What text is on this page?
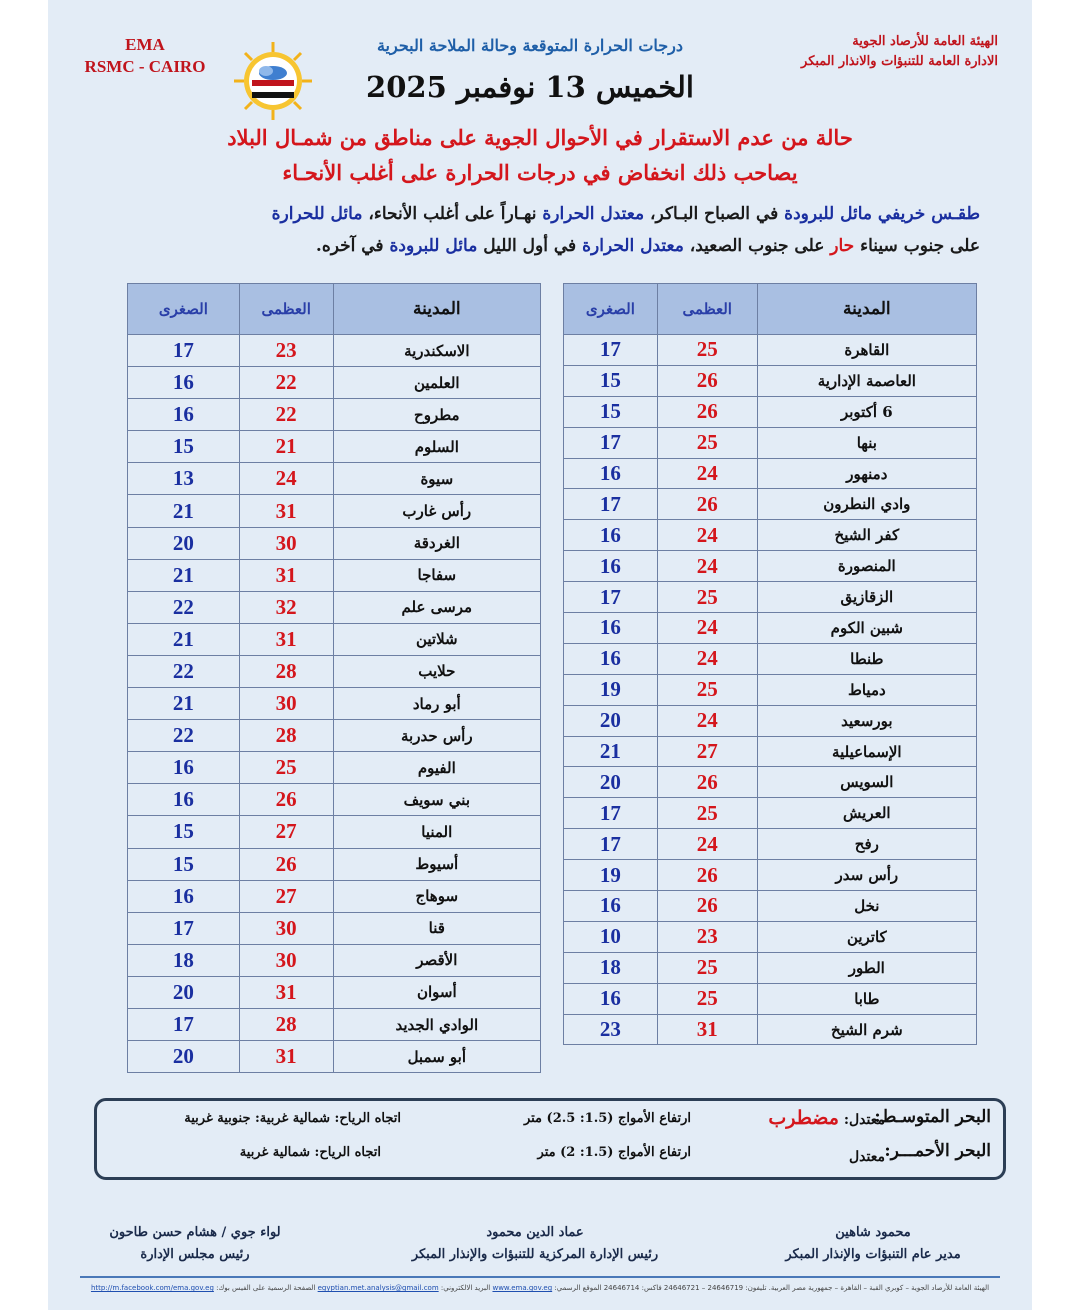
EMA
RSMC - CAIRO
الهيئة العامة للأرصاد الجوية
الادارة العامة للتنبؤات والانذار المبكر
درجات الحرارة المتوقعة وحالة الملاحة البحرية
الخميس 13 نوفمبر 2025
حالة من عدم الاستقرار في الأحوال الجوية على مناطق من شمـال البلاد
يصاحب ذلك انخفاض في درجات الحرارة على أغلب الأنحـاء
طقـس خريفي مائل للبرودة في الصباح البـاكر، معتدل الحرارة نهـاراً على أغلب الأنحاء، مائل للحرارة
على جنوب سيناء حار على جنوب الصعيد، معتدل الحرارة في أول الليل مائل للبرودة في آخره.
المدينة	العظمى	الصغرى
القاهرة	25	17
العاصمة الإدارية	26	15
6 أكتوبر	26	15
بنها	25	17
دمنهور	24	16
وادي النطرون	26	17
كفر الشيخ	24	16
المنصورة	24	16
الزقازيق	25	17
شبين الكوم	24	16
طنطا	24	16
دمياط	25	19
بورسعيد	24	20
الإسماعيلية	27	21
السويس	26	20
العريش	25	17
رفح	24	17
رأس سدر	26	19
نخل	26	16
كاترين	23	10
الطور	25	18
طابا	25	16
شرم الشيخ	31	23
المدينة	العظمى	الصغرى
الاسكندرية	23	17
العلمين	22	16
مطروح	22	16
السلوم	21	15
سيوة	24	13
رأس غارب	31	21
الغردقة	30	20
سفاجا	31	21
مرسى علم	32	22
شلاتين	31	21
حلايب	28	22
أبو رماد	30	21
رأس حدربة	28	22
الفيوم	25	16
بني سويف	26	16
المنيا	27	15
أسيوط	26	15
سوهاج	27	16
قنا	30	17
الأقصر	30	18
أسوان	31	20
الوادي الجديد	28	17
أبو سمبل	31	20
البحر المتوسـط:
معتدل: مضطرب
ارتفاع الأمواج (1.5: 2.5) متر
اتجاه الرياح: شمالية غربية: جنوبية غربية
البحر الأحمـــر:
معتدل
ارتفاع الأمواج (1.5: 2) متر
اتجاه الرياح: شمالية غربية
محمود شاهين
مدير عام التنبؤات والإنذار المبكر
عماد الدين محمود
رئيس الإدارة المركزية للتنبؤات والإنذار المبكر
لواء جوي / هشام حسن طاحون
رئيس مجلس الإدارة
الهيئة العامة للأرصاد الجوية – كوبري القبة – القاهرة – جمهورية مصر العربية. تليفون: 24646719 – 24646721 فاكس: 24646714 الموقع الرسمي: www.ema.gov.eg البريد الالكتروني: egyptian.met.analysis@gmail.com الصفحة الرسمية على الفيس بوك: http://m.facebook.com/ema.gov.eg
